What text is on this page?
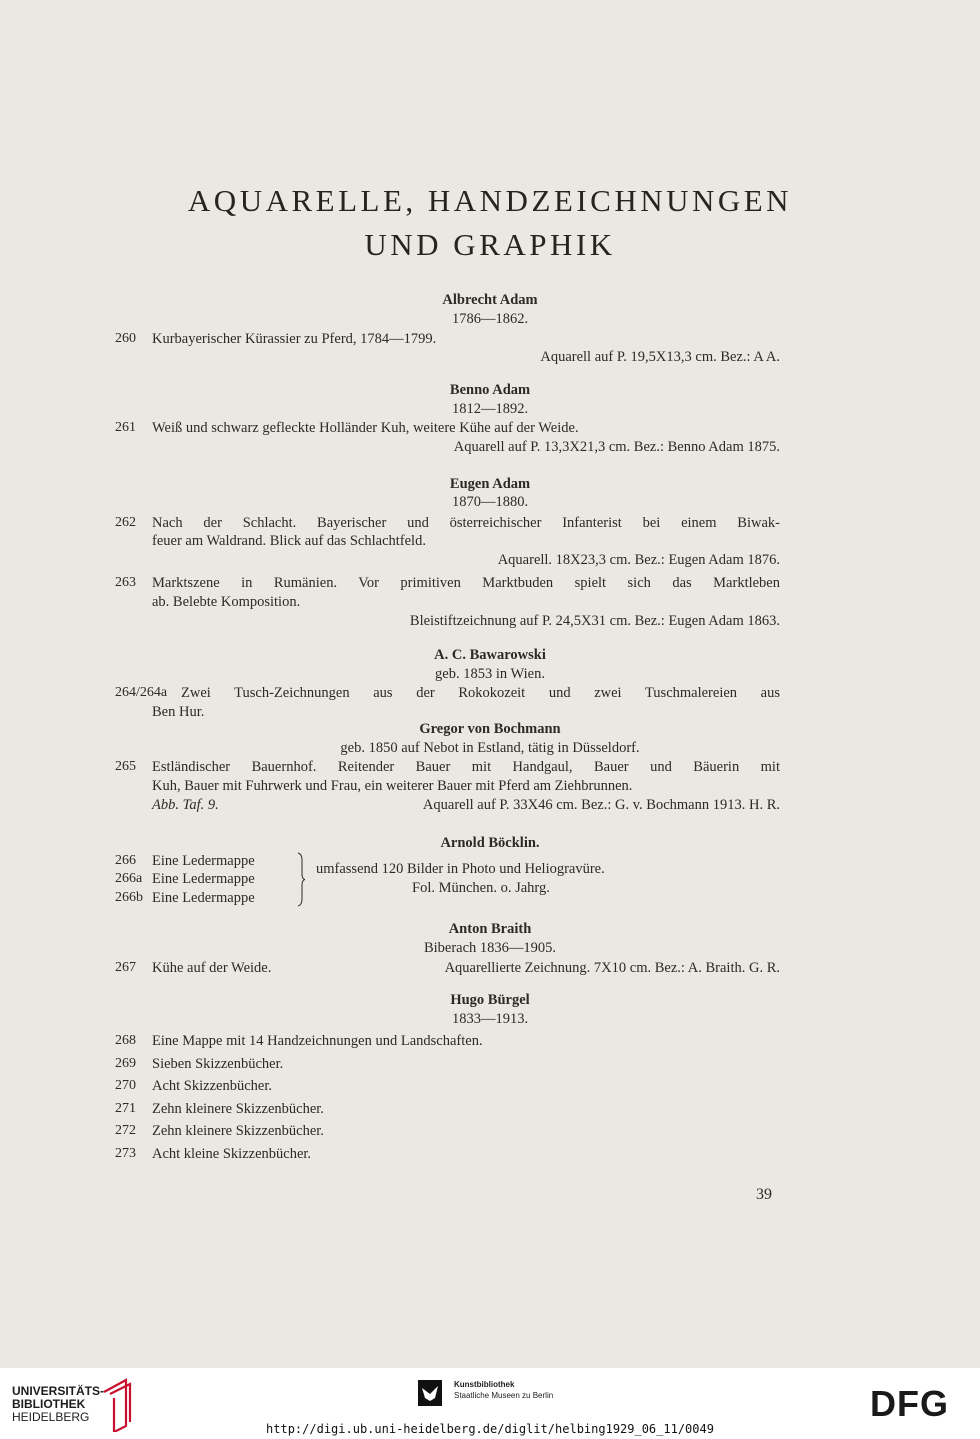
AQUARELLE, HANDZEICHNUNGEN
UND GRAPHIK
Albrecht Adam
1786—1862.
260 Kurbayerischer Kürassier zu Pferd, 1784—1799.
Aquarell auf P. 19,5X13,3 cm. Bez.: A A.
Benno Adam
1812—1892.
261 Weiß und schwarz gefleckte Holländer Kuh, weitere Kühe auf der Weide.
Aquarell auf P. 13,3X21,3 cm. Bez.: Benno Adam 1875.
Eugen Adam
1870—1880.
262 Nach der Schlacht. Bayerischer und österreichischer Infanterist bei einem Biwak-
feuer am Waldrand. Blick auf das Schlachtfeld.
Aquarell. 18X23,3 cm. Bez.: Eugen Adam 1876.
263 Marktszene in Rumänien. Vor primitiven Marktbuden spielt sich das Marktleben
ab. Belebte Komposition.
Bleistiftzeichnung auf P. 24,5X31 cm. Bez.: Eugen Adam 1863.
A. C. Bawarowski
geb. 1853 in Wien.
264/264a Zwei Tusch-Zeichnungen aus der Rokokozeit und zwei Tuschmalereien aus
Ben Hur.
Gregor von Bochmann
geb. 1850 auf Nebot in Estland, tätig in Düsseldorf.
265 Estländischer Bauernhof. Reitender Bauer mit Handgaul, Bauer und Bäuerin mit
Kuh, Bauer mit Fuhrwerk und Frau, ein weiterer Bauer mit Pferd am Ziehbrunnen.
Abb. Taf. 9.	Aquarell auf P. 33X46 cm. Bez.: G. v. Bochmann 1913. H. R.
Arnold Böcklin.
266 Eine Ledermappe
266a Eine Ledermappe
266b Eine Ledermappe
umfassend 120 Bilder in Photo und Heliogravüre.
Fol. München. o. Jahrg.
Anton Braith
Biberach 1836—1905.
267 Kühe auf der Weide.	Aquarellierte Zeichnung. 7X10 cm. Bez.: A. Braith. G. R.
Hugo Bürgel
1833—1913.
268 Eine Mappe mit 14 Handzeichnungen und Landschaften.
269 Sieben Skizzenbücher.
270 Acht Skizzenbücher.
271 Zehn kleinere Skizzenbücher.
272 Zehn kleinere Skizzenbücher.
273 Acht kleine Skizzenbücher.
39
UNIVERSITÄTS-
BIBLIOTHEK
HEIDELBERG
Kunstbibliothek
Staatliche Museen zu Berlin	DFG
http://digi.ub.uni-heidelberg.de/diglit/helbing1929_06_11/0049
